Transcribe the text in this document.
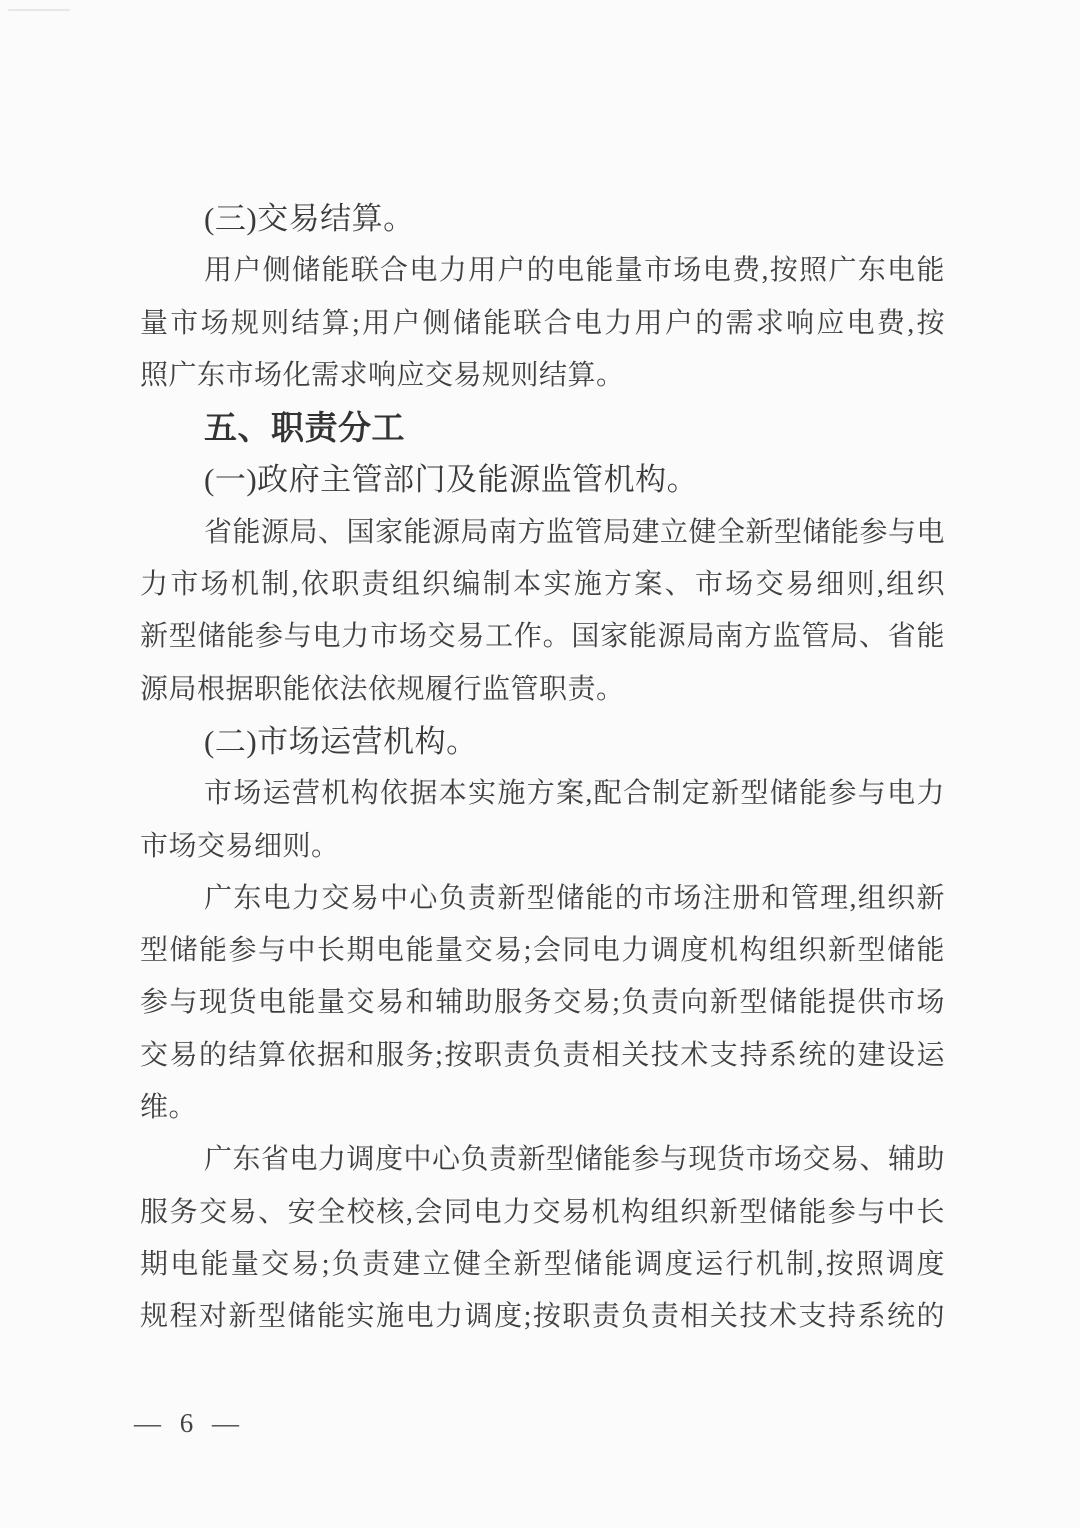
(三)交易结算。
用户侧储能联合电力用户的电能量市场电费,按照广东电能
量市场规则结算;用户侧储能联合电力用户的需求响应电费,按
照广东市场化需求响应交易规则结算。
五、职责分工
(一)政府主管部门及能源监管机构。
省能源局、国家能源局南方监管局建立健全新型储能参与电
力市场机制,依职责组织编制本实施方案、市场交易细则,组织
新型储能参与电力市场交易工作。国家能源局南方监管局、省能
源局根据职能依法依规履行监管职责。
(二)市场运营机构。
市场运营机构依据本实施方案,配合制定新型储能参与电力
市场交易细则。
广东电力交易中心负责新型储能的市场注册和管理,组织新
型储能参与中长期电能量交易;会同电力调度机构组织新型储能
参与现货电能量交易和辅助服务交易;负责向新型储能提供市场
交易的结算依据和服务;按职责负责相关技术支持系统的建设运
维。
广东省电力调度中心负责新型储能参与现货市场交易、辅助
服务交易、安全校核,会同电力交易机构组织新型储能参与中长
期电能量交易;负责建立健全新型储能调度运行机制,按照调度
规程对新型储能实施电力调度;按职责负责相关技术支持系统的
— 6 —
